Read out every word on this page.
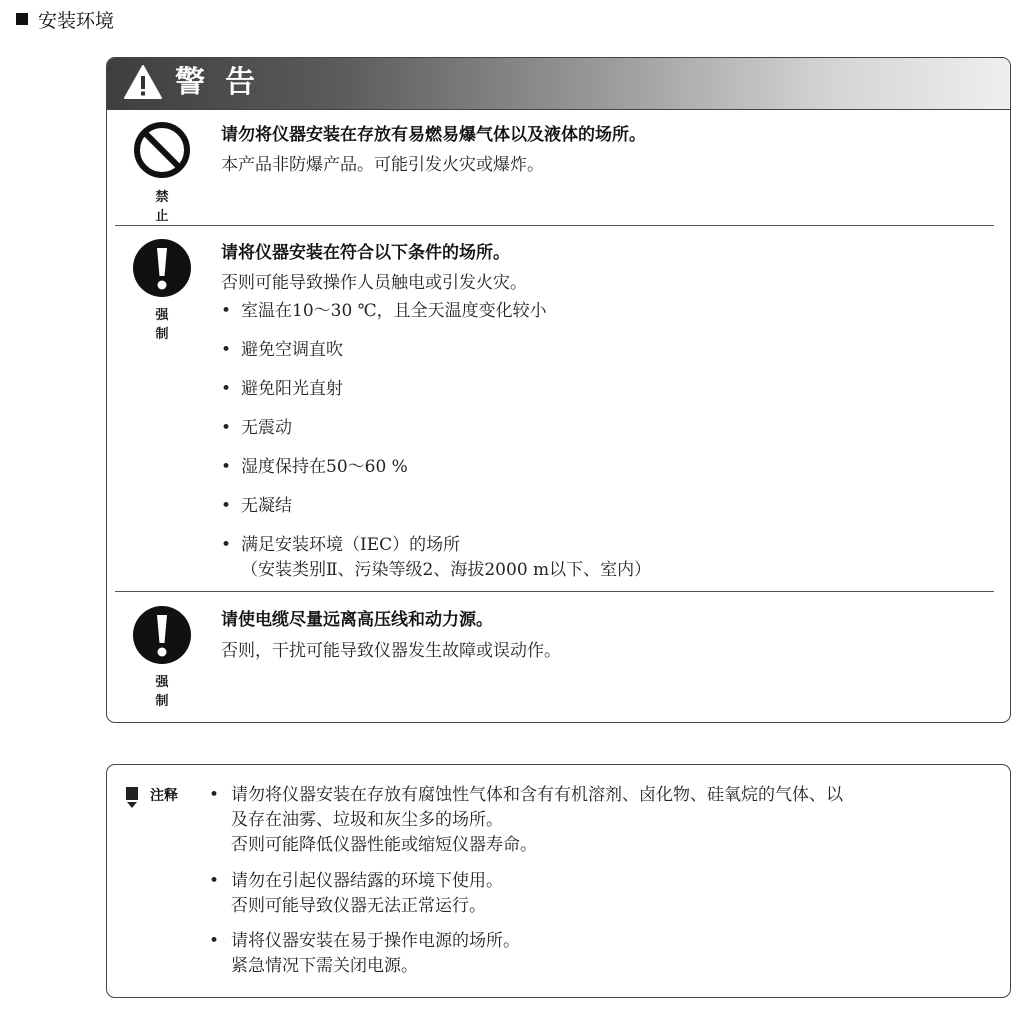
安装环境
警告
禁止
请勿将仪器安装在存放有易燃易爆气体以及液体的场所。
本产品非防爆产品。可能引发火灾或爆炸。
强制
请将仪器安装在符合以下条件的场所。
否则可能导致操作人员触电或引发火灾。
• 室温在10～30 ℃，且全天温度变化较小
• 避免空调直吹
• 避免阳光直射
• 无震动
• 湿度保持在50～60 %
• 无凝结
• 满足安装环境（IEC）的场所
（安装类别Ⅱ、污染等级2、海拔2000 m以下、室内）
强制
请使电缆尽量远离高压线和动力源。
否则，干扰可能导致仪器发生故障或误动作。
注释 • 请勿将仪器安装在存放有腐蚀性气体和含有有机溶剂、卤化物、硅氧烷的气体、以
及存在油雾、垃圾和灰尘多的场所。
否则可能降低仪器性能或缩短仪器寿命。
• 请勿在引起仪器结露的环境下使用。
否则可能导致仪器无法正常运行。
• 请将仪器安装在易于操作电源的场所。
紧急情况下需关闭电源。
